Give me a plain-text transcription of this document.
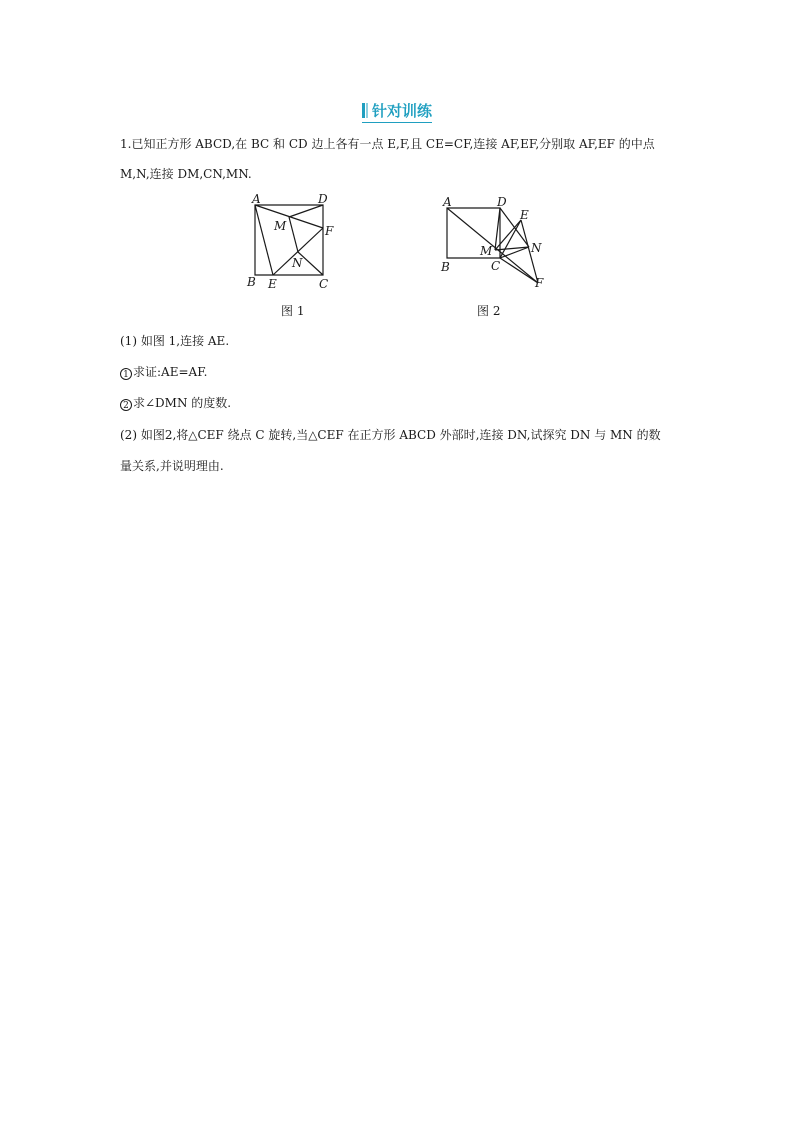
针对训练
1.已知正方形 ABCD,在 BC 和 CD 边上各有一点 E,F,且 CE=CF,连接 AF,EF,分别取 AF,EF 的中点
M,N,连接 DM,CN,MN.
A	D
F
M
N
B E	C
图 1
A	D
E
N
M
C
B
F
图 2
(1) 如图 1,连接 AE.
1 求证:AE=AF.
2 求∠DMN 的度数.
(2) 如图2,将△CEF 绕点 C 旋转,当△CEF 在正方形 ABCD 外部时,连接 DN,试探究 DN 与 MN 的数
量关系,并说明理由.
